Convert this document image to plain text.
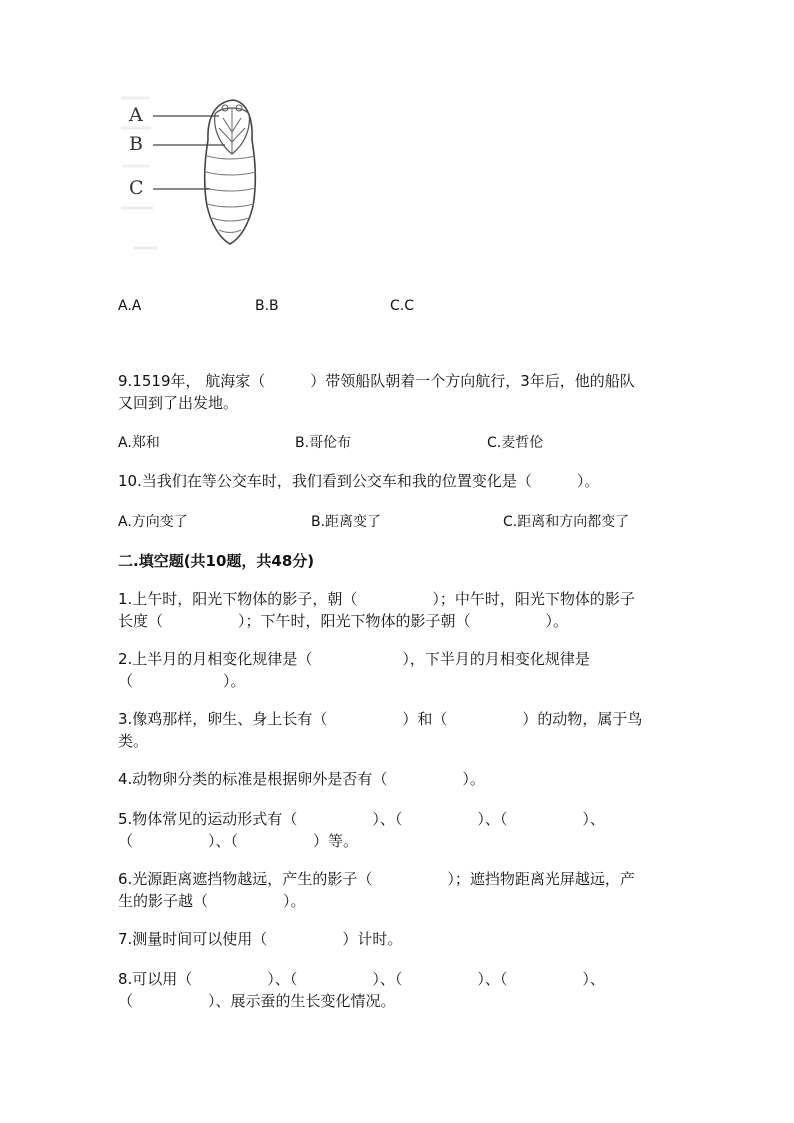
A
B
C
A.A	B.B	C.C
9.1519年， 航海家（　　　）带领船队朝着一个方向航行，3年后，他的船队
又回到了出发地。
A.郑和	B.哥伦布	C.麦哲伦
10.当我们在等公交车时，我们看到公交车和我的位置变化是（　　　）。
A.方向变了	B.距离变了	C.距离和方向都变了
二.填空题(共10题，共48分)
1.上午时，阳光下物体的影子，朝（　　　　　）；中午时，阳光下物体的影子
长度（　　　　　）；下午时，阳光下物体的影子朝（　　　　　）。
2.上半月的月相变化规律是（　　　　　　），下半月的月相变化规律是
（　　　　　　）。
3.像鸡那样，卵生、身上长有（　　　　　）和（　　　　　）的动物，属于鸟
类。
4.动物卵分类的标准是根据卵外是否有（　　　　　）。
5.物体常见的运动形式有（　　　　　）、（　　　　　）、（　　　　　）、
（　　　　　）、（　　　　　）等。
6.光源距离遮挡物越远，产生的影子（　　　　　）；遮挡物距离光屏越远，产
生的影子越（　　　　　）。
7.测量时间可以使用（　　　　　）计时。
8.可以用（　　　　　）、（　　　　　）、（　　　　　）、（　　　　　）、
（　　　　　）、展示蚕的生长变化情况。
